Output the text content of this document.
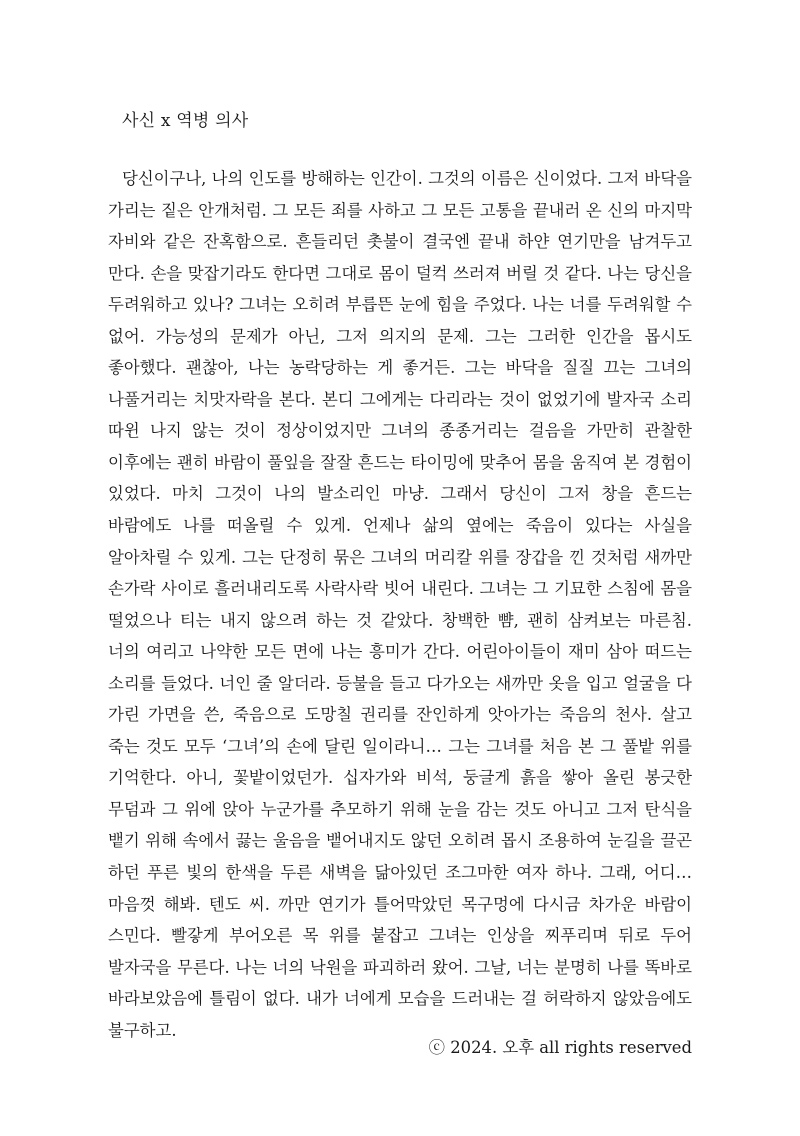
사신 x 역병 의사

당신이구나, 나의 인도를 방해하는 인간이. 그것의 이름은 신이었다. 그저 바닥을 가리는 짙은 안개처럼. 그 모든 죄를 사하고 그 모든 고통을 끝내러 온 신의 마지막 자비와 같은 잔혹함으로. 흔들리던 촛불이 결국엔 끝내 하얀 연기만을 남겨두고 만다. 손을 맞잡기라도 한다면 그대로 몸이 덜컥 쓰러져 버릴 것 같다. 나는 당신을 두려워하고 있나? 그녀는 오히려 부릅뜬 눈에 힘을 주었다. 나는 너를 두려워할 수 없어. 가능성의 문제가 아닌, 그저 의지의 문제. 그는 그러한 인간을 몹시도 좋아했다. 괜찮아, 나는 농락당하는 게 좋거든. 그는 바닥을 질질 끄는 그녀의 나풀거리는 치맛자락을 본다. 본디 그에게는 다리라는 것이 없었기에 발자국 소리 따윈 나지 않는 것이 정상이었지만 그녀의 종종거리는 걸음을 가만히 관찰한 이후에는 괜히 바람이 풀잎을 잘잘 흔드는 타이밍에 맞추어 몸을 움직여 본 경험이 있었다. 마치 그것이 나의 발소리인 마냥. 그래서 당신이 그저 창을 흔드는 바람에도 나를 떠올릴 수 있게. 언제나 삶의 옆에는 죽음이 있다는 사실을 알아차릴 수 있게. 그는 단정히 묶은 그녀의 머리칼 위를 장갑을 낀 것처럼 새까만 손가락 사이로 흘러내리도록 사락사락 빗어 내린다. 그녀는 그 기묘한 스침에 몸을 떨었으나 티는 내지 않으려 하는 것 같았다. 창백한 뺨, 괜히 삼켜보는 마른침. 너의 여리고 나약한 모든 면에 나는 흥미가 간다. 어린아이들이 재미 삼아 떠드는 소리를 들었다. 너인 줄 알더라. 등불을 들고 다가오는 새까만 옷을 입고 얼굴을 다 가린 가면을 쓴, 죽음으로 도망칠 권리를 잔인하게 앗아가는 죽음의 천사. 살고 죽는 것도 모두 ‘그녀’의 손에 달린 일이라니… 그는 그녀를 처음 본 그 풀밭 위를 기억한다. 아니, 꽃밭이었던가. 십자가와 비석, 둥글게 흙을 쌓아 올린 봉긋한 무덤과 그 위에 앉아 누군가를 추모하기 위해 눈을 감는 것도 아니고 그저 탄식을 뱉기 위해 속에서 끓는 울음을 뱉어내지도 않던 오히려 몹시 조용하여 눈길을 끌곤 하던 푸른 빛의 한색을 두른 새벽을 닮아있던 조그마한 여자 하나. 그래, 어디… 마음껏 해봐. 텐도 씨. 까만 연기가 틀어막았던 목구멍에 다시금 차가운 바람이 스민다. 빨갛게 부어오른 목 위를 붙잡고 그녀는 인상을 찌푸리며 뒤로 두어 발자국을 무른다. 나는 너의 낙원을 파괴하러 왔어. 그날, 너는 분명히 나를 똑바로 바라보았음에 틀림이 없다. 내가 너에게 모습을 드러내는 걸 허락하지 않았음에도 불구하고.

ⓒ 2024. 오후 all rights reserved
